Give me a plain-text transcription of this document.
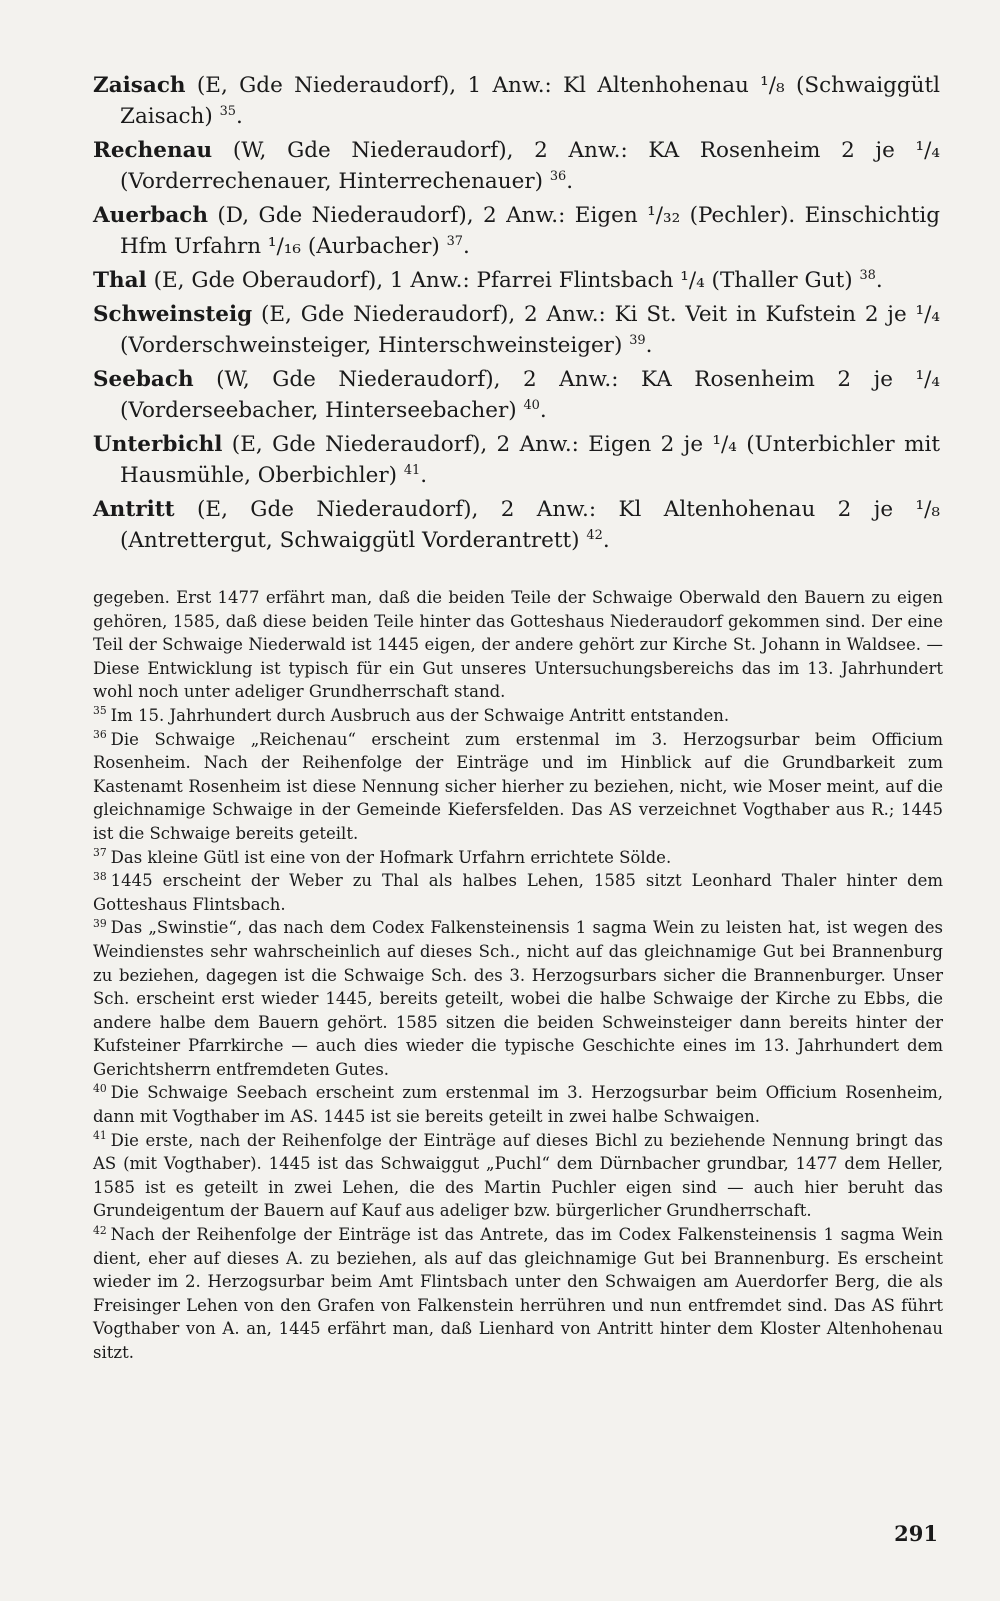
Zaisach (E, Gde Niederaudorf), 1 Anw.: Kl Altenhohenau ¹/₈ (Schwaiggütl Zaisach) $^{35}$.

Rechenau (W, Gde Niederaudorf), 2 Anw.: KA Rosenheim 2 je ¹/₄ (Vorderrechenauer, Hinterrechenauer) $^{36}$.

Auerbach (D, Gde Niederaudorf), 2 Anw.: Eigen ¹/₃₂ (Pechler). Einschichtig Hfm Urfahrn ¹/₁₆ (Aurbacher) $^{37}$.

Thal (E, Gde Oberaudorf), 1 Anw.: Pfarrei Flintsbach ¹/₄ (Thaller Gut) $^{38}$.

Schweinsteig (E, Gde Niederaudorf), 2 Anw.: Ki St. Veit in Kufstein 2 je ¹/₄ (Vorderschweinsteiger, Hinterschweinsteiger) $^{39}$.

Seebach (W, Gde Niederaudorf), 2 Anw.: KA Rosenheim 2 je ¹/₄ (Vorderseebacher, Hinterseebacher) $^{40}$.

Unterbichl (E, Gde Niederaudorf), 2 Anw.: Eigen 2 je ¹/₄ (Unterbichler mit Hausmühle, Oberbichler) $^{41}$.

Antritt (E, Gde Niederaudorf), 2 Anw.: Kl Altenhohenau 2 je ¹/₈ (Antrettergut, Schwaiggütl Vorderantrett) $^{42}$.

gegeben. Erst 1477 erfährt man, daß die beiden Teile der Schwaige Oberwald den Bauern zu eigen gehören, 1585, daß diese beiden Teile hinter das Gotteshaus Niederaudorf gekommen sind. Der eine Teil der Schwaige Niederwald ist 1445 eigen, der andere gehört zur Kirche St. Johann in Waldsee. — Diese Entwicklung ist typisch für ein Gut unseres Untersuchungsbereichs das im 13. Jahrhundert wohl noch unter adeliger Grundherrschaft stand.

$^{35}$ Im 15. Jahrhundert durch Ausbruch aus der Schwaige Antritt entstanden.

$^{36}$ Die Schwaige „Reichenau“ erscheint zum erstenmal im 3. Herzogsurbar beim Officium Rosenheim. Nach der Reihenfolge der Einträge und im Hinblick auf die Grundbarkeit zum Kastenamt Rosenheim ist diese Nennung sicher hierher zu beziehen, nicht, wie Moser meint, auf die gleichnamige Schwaige in der Gemeinde Kiefersfelden. Das AS verzeichnet Vogthaber aus R.; 1445 ist die Schwaige bereits geteilt.

$^{37}$ Das kleine Gütl ist eine von der Hofmark Urfahrn errichtete Sölde.

$^{38}$ 1445 erscheint der Weber zu Thal als halbes Lehen, 1585 sitzt Leonhard Thaler hinter dem Gotteshaus Flintsbach.

$^{39}$ Das „Swinstie“, das nach dem Codex Falkensteinensis 1 sagma Wein zu leisten hat, ist wegen des Weindienstes sehr wahrscheinlich auf dieses Sch., nicht auf das gleichnamige Gut bei Brannenburg zu beziehen, dagegen ist die Schwaige Sch. des 3. Herzogsurbars sicher die Brannenburger. Unser Sch. erscheint erst wieder 1445, bereits geteilt, wobei die halbe Schwaige der Kirche zu Ebbs, die andere halbe dem Bauern gehört. 1585 sitzen die beiden Schweinsteiger dann bereits hinter der Kufsteiner Pfarrkirche — auch dies wieder die typische Geschichte eines im 13. Jahrhundert dem Gerichtsherrn entfremdeten Gutes.

$^{40}$ Die Schwaige Seebach erscheint zum erstenmal im 3. Herzogsurbar beim Officium Rosenheim, dann mit Vogthaber im AS. 1445 ist sie bereits geteilt in zwei halbe Schwaigen.

$^{41}$ Die erste, nach der Reihenfolge der Einträge auf dieses Bichl zu beziehende Nennung bringt das AS (mit Vogthaber). 1445 ist das Schwaiggut „Puchl“ dem Dürnbacher grundbar, 1477 dem Heller, 1585 ist es geteilt in zwei Lehen, die des Martin Puchler eigen sind — auch hier beruht das Grundeigentum der Bauern auf Kauf aus adeliger bzw. bürgerlicher Grundherrschaft.

$^{42}$ Nach der Reihenfolge der Einträge ist das Antrete, das im Codex Falkensteinensis 1 sagma Wein dient, eher auf dieses A. zu beziehen, als auf das gleichnamige Gut bei Brannenburg. Es erscheint wieder im 2. Herzogsurbar beim Amt Flintsbach unter den Schwaigen am Auerdorfer Berg, die als Freisinger Lehen von den Grafen von Falkenstein herrühren und nun entfremdet sind. Das AS führt Vogthaber von A. an, 1445 erfährt man, daß Lienhard von Antritt hinter dem Kloster Altenhohenau sitzt.

291
